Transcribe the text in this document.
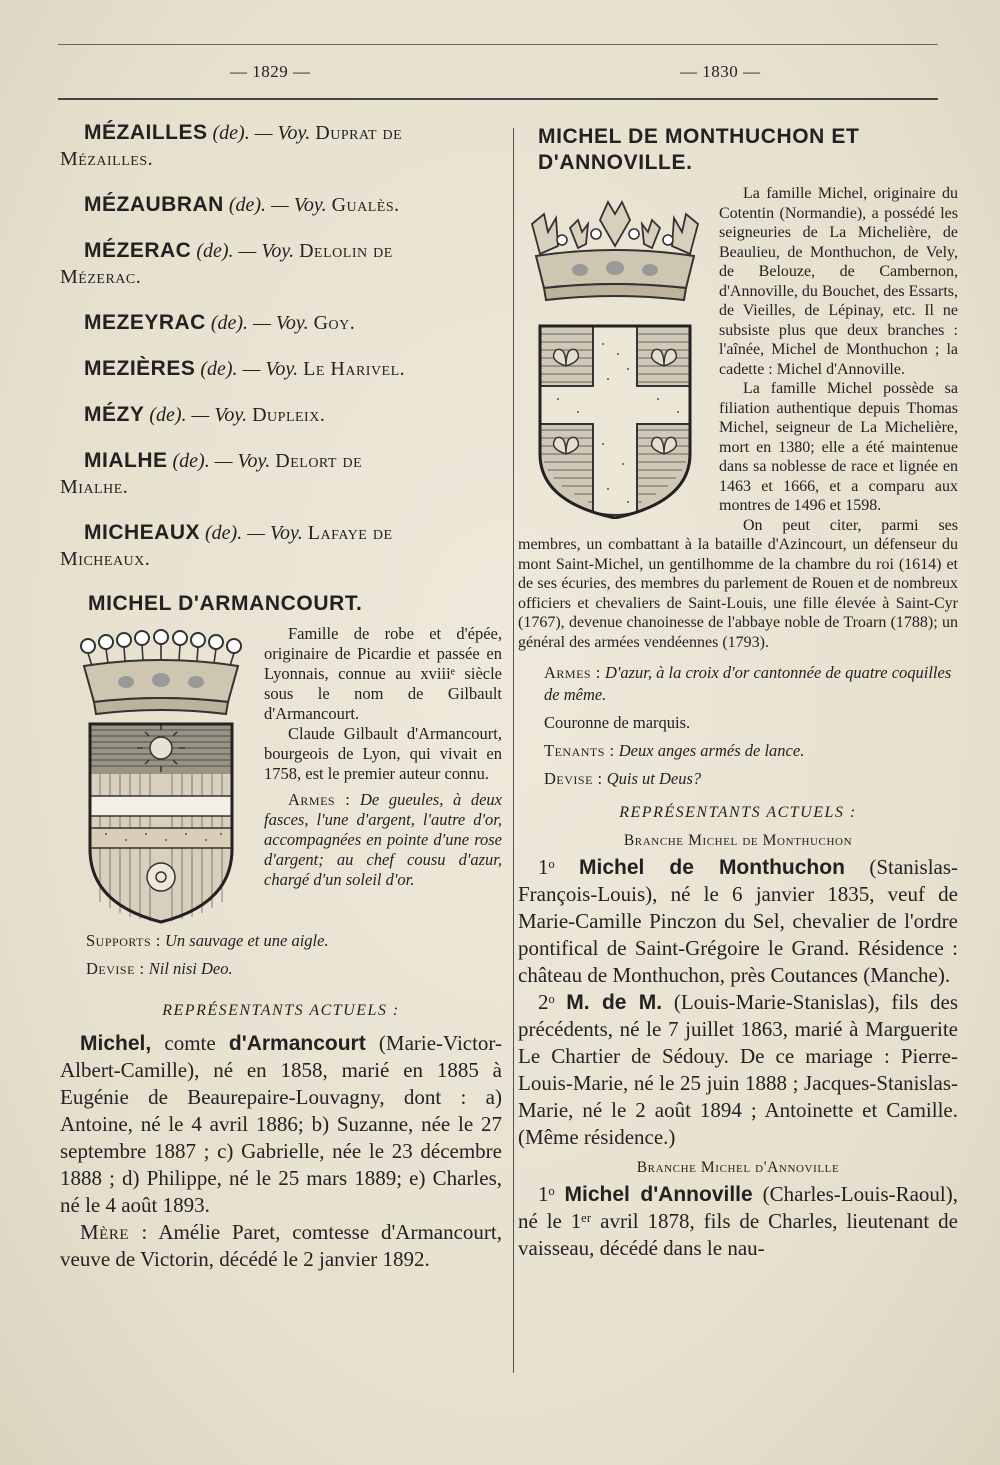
— 1829 —	— 1830 —
MÉZAILLES (de). — Voy. Duprat de
Mézailles.
MÉZAUBRAN (de). — Voy. Gualès.
MÉZERAC (de). — Voy. Delolin de
Mézerac.
MEZEYRAC (de). — Voy. Goy.
MEZIÈRES (de). — Voy. Le Harivel.
MÉZY (de). — Voy. Dupleix.
MIALHE (de). — Voy. Delort de
Mialhe.
MICHEAUX (de). — Voy. Lafaye de
Micheaux.
MICHEL D'ARMANCOURT.

Famille de robe et d'épée, originaire de Picardie et passée en Lyonnais, connue au xviiiᵉ siècle sous le nom de Gilbault d'Armancourt.

Claude Gilbault d'Armancourt, bourgeois de Lyon, qui vivait en 1758, est le premier auteur connu.

Armes : De gueules, à deux fasces, l'une d'argent, l'autre d'or, accompagnées en pointe d'une rose d'argent; au chef cousu d'azur, chargé d'un soleil d'or.

Supports : Un sauvage et une aigle.
Devise : Nil nisi Deo.
REPRÉSENTANTS ACTUELS :

Michel, comte d'Armancourt (Marie-Victor-Albert-Camille), né en 1858, marié en 1885 à Eugénie de Beaurepaire-Louvagny, dont : a) Antoine, né le 4 avril 1886; b) Suzanne, née le 27 septembre 1887 ; c) Gabrielle, née le 23 décembre 1888 ; d) Philippe, né le 25 mars 1889; e) Charles, né le 4 août 1893.

Mère : Amélie Paret, comtesse d'Armancourt, veuve de Victorin, décédé le 2 janvier 1892.

MICHEL DE MONTHUCHON ET D'ANNOVILLE.

La famille Michel, originaire du Cotentin (Normandie), a possédé les seigneuries de La Michelière, de Beaulieu, de Monthuchon, de Vely, de Belouze, de Cambernon, d'Annoville, du Bouchet, des Essarts, de Vieilles, de Lépinay, etc. Il ne subsiste plus que deux branches : l'aînée, Michel de Monthuchon ; la cadette : Michel d'Annoville.

La famille Michel possède sa filiation authentique depuis Thomas Michel, seigneur de La Michelière, mort en 1380; elle a été maintenue dans sa noblesse de race et lignée en 1463 et 1666, et a comparu aux montres de 1496 et 1598.

On peut citer, parmi ses membres, un combattant à la bataille d'Azincourt, un défenseur du mont Saint-Michel, un gentilhomme de la chambre du roi (1614) et de ses écuries, des membres du parlement de Rouen et de nombreux officiers et chevaliers de Saint-Louis, une fille élevée à Saint-Cyr (1767), devenue chanoinesse de l'abbaye noble de Troarn (1788); un général des armées vendéennes (1793).

Armes : D'azur, à la croix d'or cantonnée de quatre coquilles de même.
Couronne de marquis.
Tenants : Deux anges armés de lance.
Devise : Quis ut Deus?
REPRÉSENTANTS ACTUELS :
Branche Michel de Monthuchon

1ᵒ Michel de Monthuchon (Stanislas-François-Louis), né le 6 janvier 1835, veuf de Marie-Camille Pinczon du Sel, chevalier de l'ordre pontifical de Saint-Grégoire le Grand. Résidence : château de Monthuchon, près Coutances (Manche).

2ᵒ M. de M. (Louis-Marie-Stanislas), fils des précédents, né le 7 juillet 1863, marié à Marguerite Le Chartier de Sédouy. De ce mariage : Pierre-Louis-Marie, né le 25 juin 1888 ; Jacques-Stanislas-Marie, né le 2 août 1894 ; Antoinette et Camille. (Même résidence.)

Branche Michel d'Annoville

1ᵒ Michel d'Annoville (Charles-Louis-Raoul), né le 1ᵉʳ avril 1878, fils de Charles, lieutenant de vaisseau, décédé dans le nau-
